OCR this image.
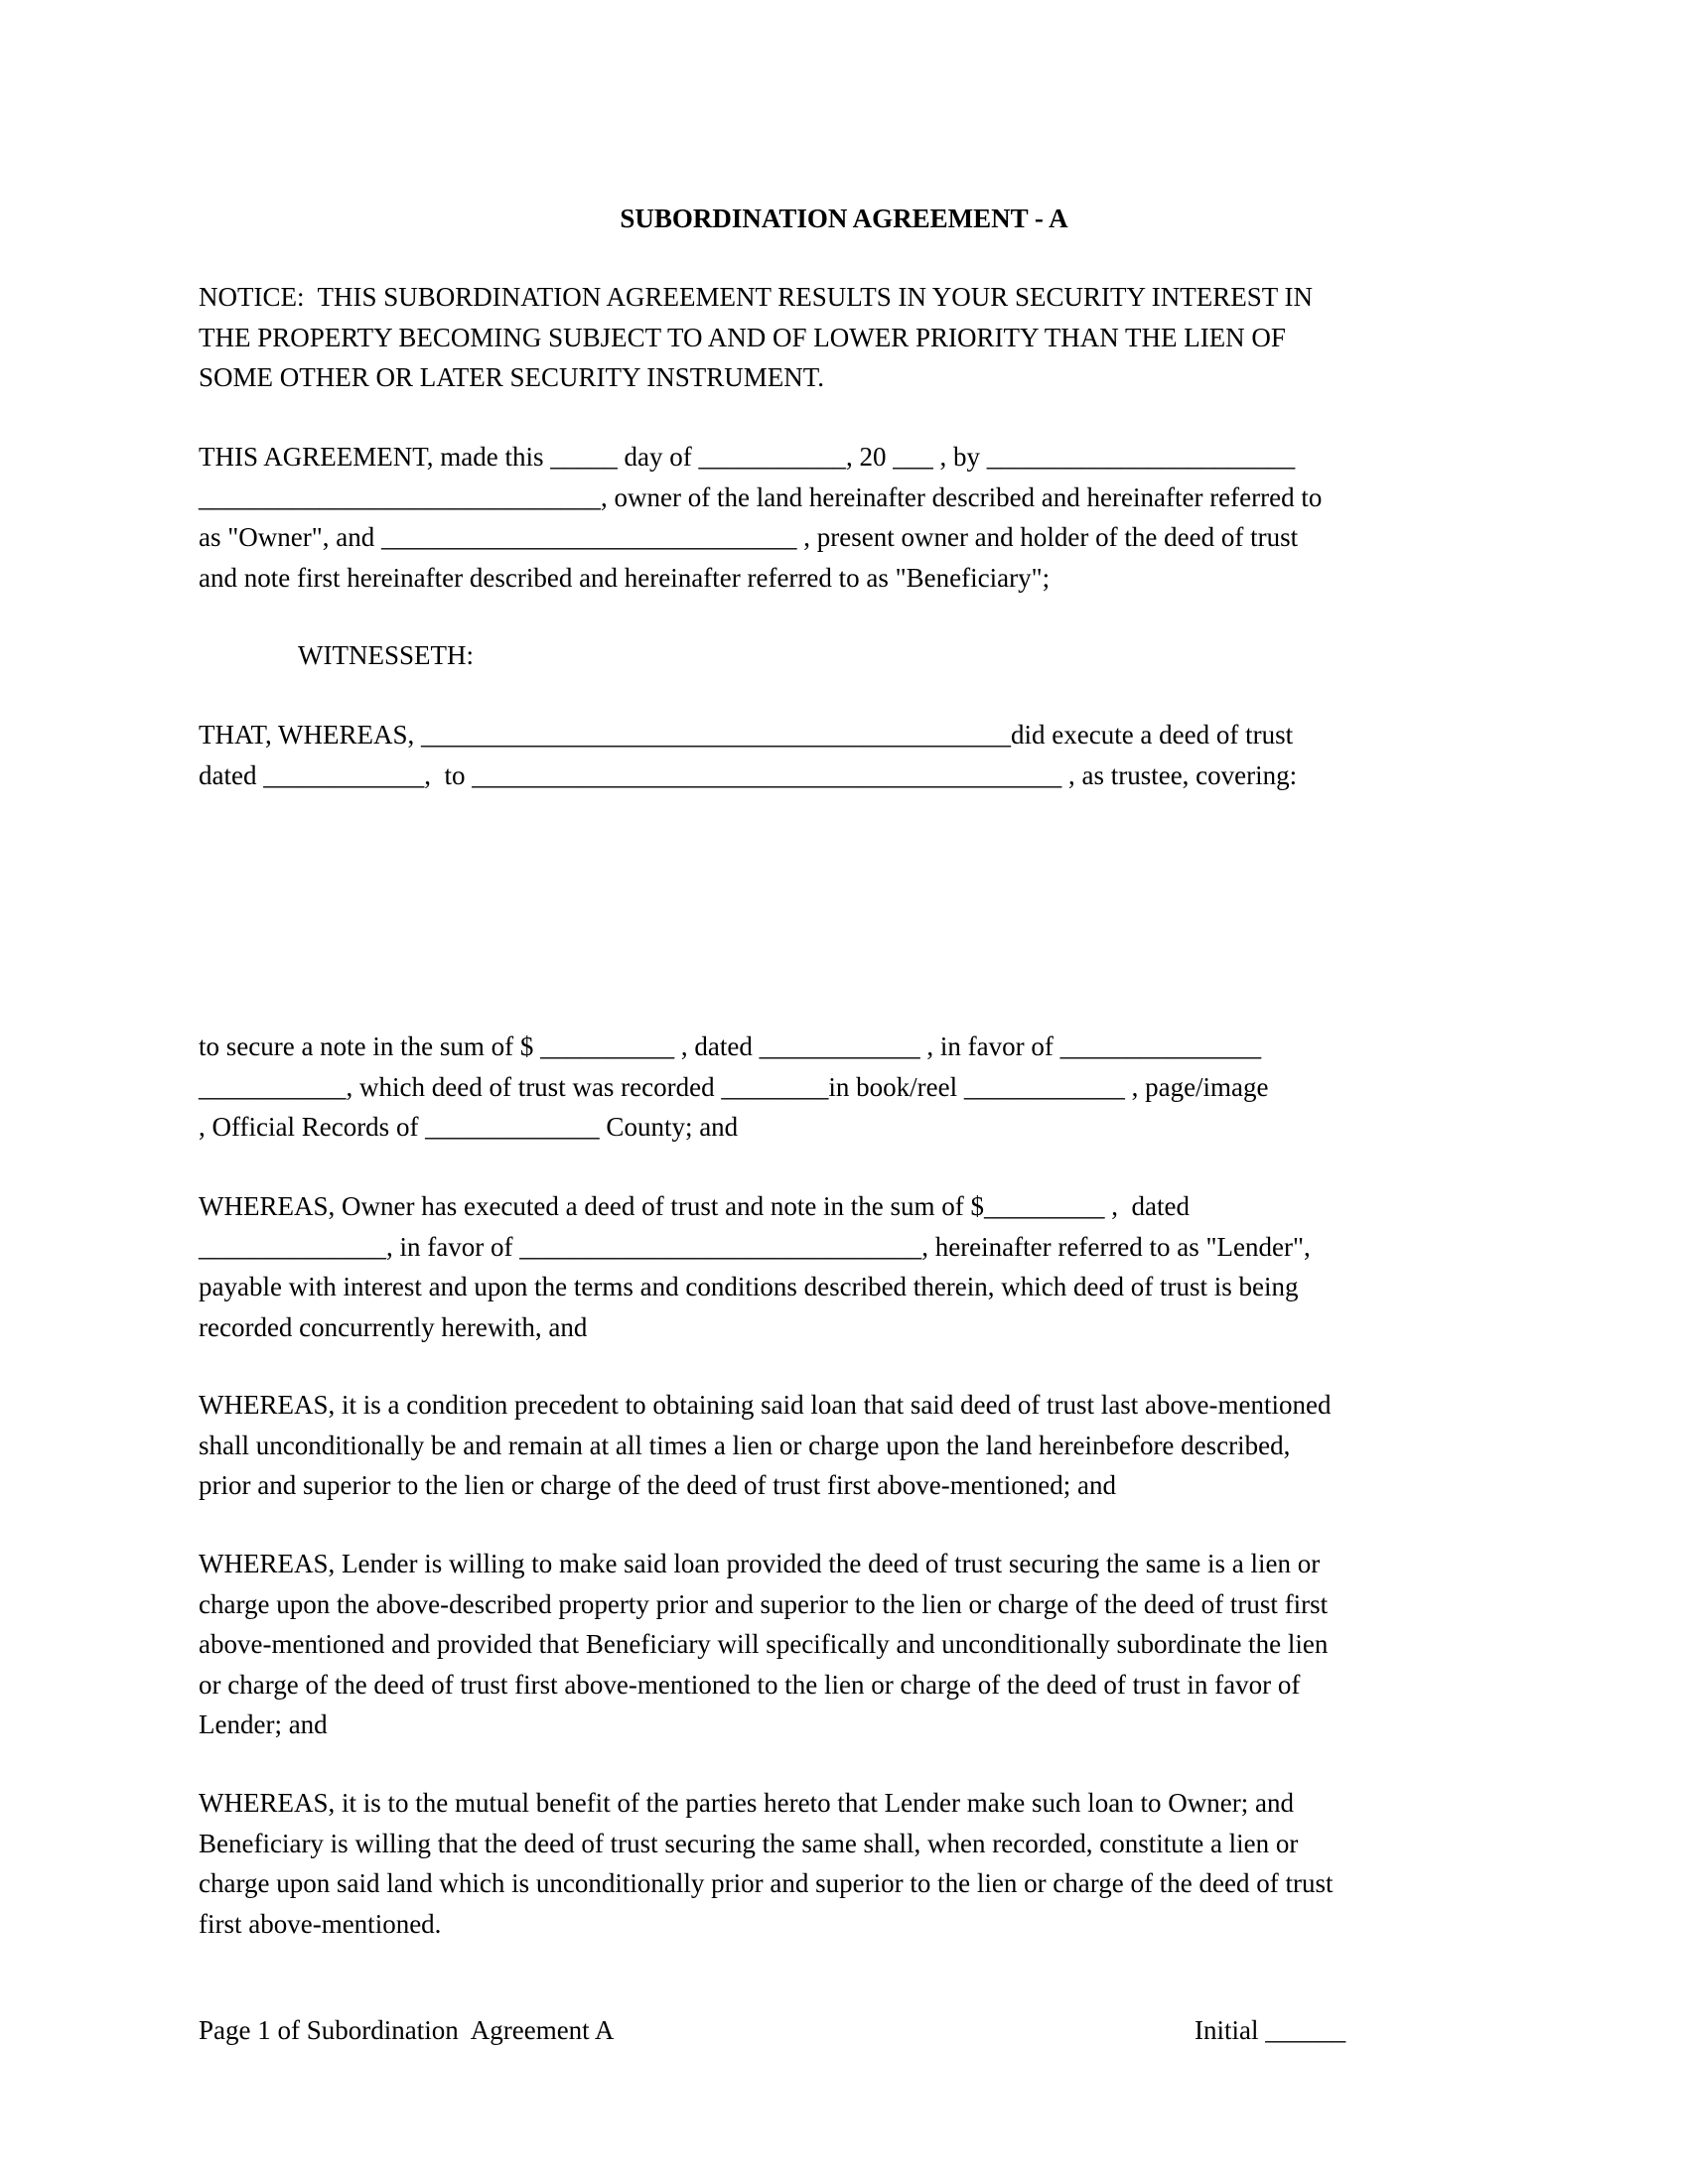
SUBORDINATION AGREEMENT - A
NOTICE:  THIS SUBORDINATION AGREEMENT RESULTS IN YOUR SECURITY INTEREST IN
THE PROPERTY BECOMING SUBJECT TO AND OF LOWER PRIORITY THAN THE LIEN OF
SOME OTHER OR LATER SECURITY INSTRUMENT.
THIS AGREEMENT, made this _____ day of ___________, 20 ___ , by _______________________
______________________________, owner of the land hereinafter described and hereinafter referred to
as "Owner", and _______________________________ , present owner and holder of the deed of trust
and note first hereinafter described and hereinafter referred to as "Beneficiary";
WITNESSETH:
THAT, WHEREAS, ____________________________________________did execute a deed of trust
dated ____________,  to ____________________________________________ , as trustee, covering:
to secure a note in the sum of $ __________ , dated ____________ , in favor of _______________
___________, which deed of trust was recorded ________in book/reel ____________ , page/image
, Official Records of _____________ County; and
WHEREAS, Owner has executed a deed of trust and note in the sum of $_________ ,  dated
______________, in favor of ______________________________, hereinafter referred to as "Lender",
payable with interest and upon the terms and conditions described therein, which deed of trust is being
recorded concurrently herewith, and
WHEREAS, it is a condition precedent to obtaining said loan that said deed of trust last above-mentioned
shall unconditionally be and remain at all times a lien or charge upon the land hereinbefore described,
prior and superior to the lien or charge of the deed of trust first above-mentioned; and
WHEREAS, Lender is willing to make said loan provided the deed of trust securing the same is a lien or
charge upon the above-described property prior and superior to the lien or charge of the deed of trust first
above-mentioned and provided that Beneficiary will specifically and unconditionally subordinate the lien
or charge of the deed of trust first above-mentioned to the lien or charge of the deed of trust in favor of
Lender; and
WHEREAS, it is to the mutual benefit of the parties hereto that Lender make such loan to Owner; and
Beneficiary is willing that the deed of trust securing the same shall, when recorded, constitute a lien or
charge upon said land which is unconditionally prior and superior to the lien or charge of the deed of trust
first above-mentioned.
Page 1 of Subordination  Agreement A	Initial ______
